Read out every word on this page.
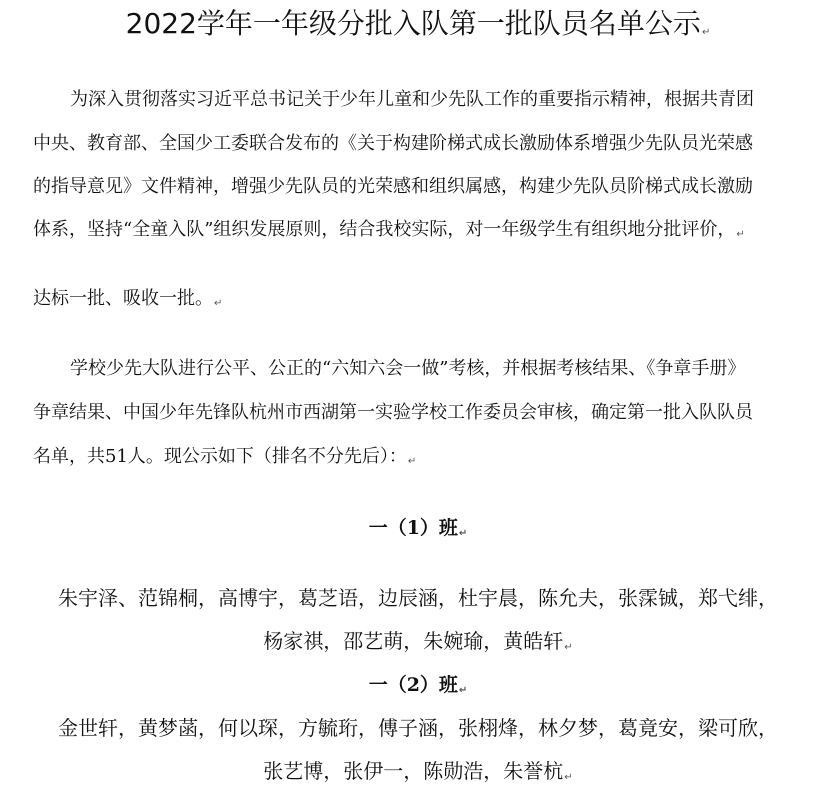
2022学年一年级分批入队第一批队员名单公示↵
为深入贯彻落实习近平总书记关于少年儿童和少先队工作的重要指示精神，根据共青团
中央、教育部、全国少工委联合发布的《关于构建阶梯式成长激励体系增强少先队员光荣感
的指导意见》文件精神，增强少先队员的光荣感和组织属感，构建少先队员阶梯式成长激励
体系，坚持“全童入队”组织发展原则，结合我校实际，对一年级学生有组织地分批评价，↵
达标一批、吸收一批。↵
学校少先大队进行公平、公正的“六知六会一做”考核，并根据考核结果、《争章手册》
争章结果、中国少年先锋队杭州市西湖第一实验学校工作委员会审核，确定第一批入队队员
名单，共51人。现公示如下（排名不分先后）：↵
一（1）班↵
朱宇泽、范锦桐，高博宇，葛芝语，边辰涵，杜宇晨，陈允夫，张霂铖，郑弋绯，
杨家祺，邵艺萌，朱婉瑜，黄皓轩↵
一（2）班↵
金世轩，黄梦菡，何以琛，方毓珩，傅子涵，张栩烽，林夕梦，葛竟安，梁可欣，
张艺博，张伊一，陈勋浩，朱誉杭↵
